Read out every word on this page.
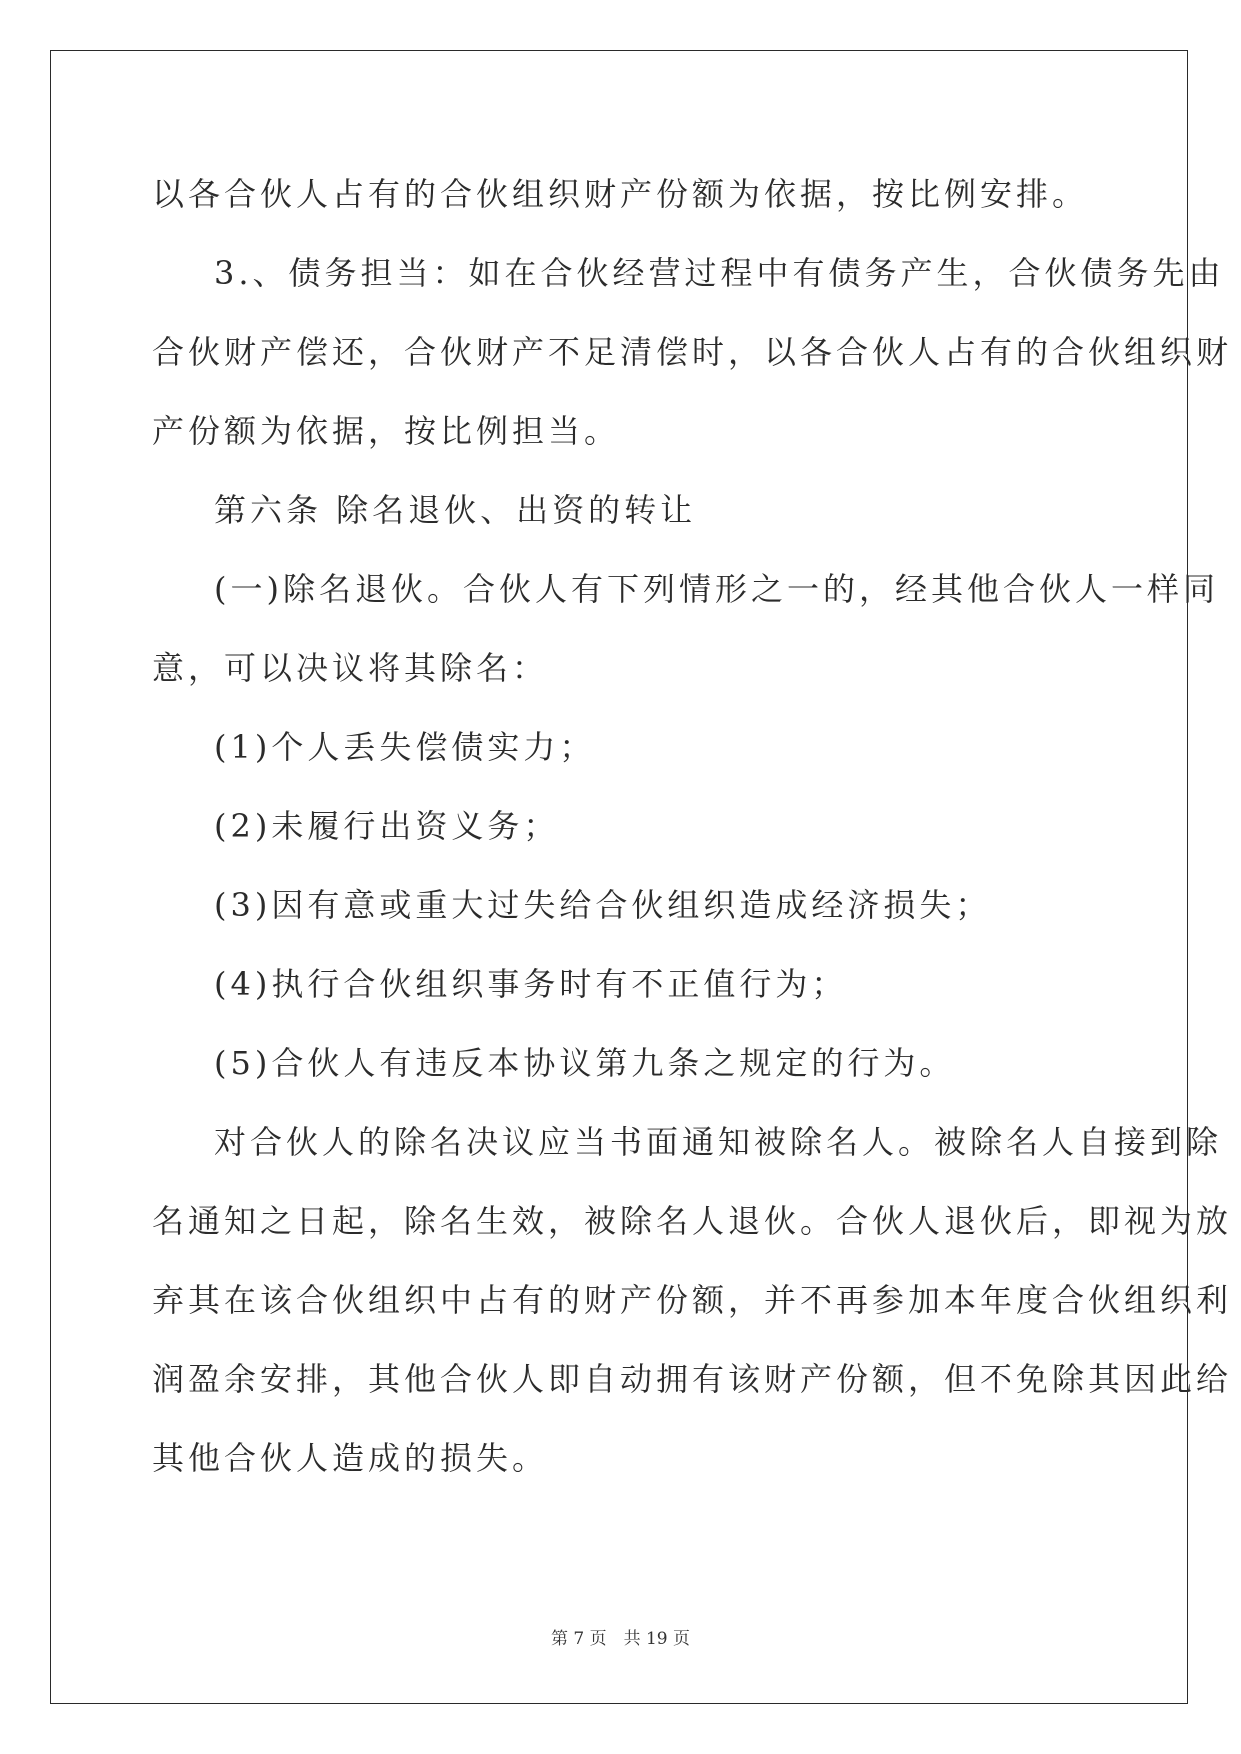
以各合伙人占有的合伙组织财产份额为依据，按比例安排。
3.、债务担当：如在合伙经营过程中有债务产生，合伙债务先由
合伙财产偿还，合伙财产不足清偿时，以各合伙人占有的合伙组织财
产份额为依据，按比例担当。
第六条 除名退伙、出资的转让
(一)除名退伙。合伙人有下列情形之一的，经其他合伙人一样同
意，可以决议将其除名：
(1)个人丢失偿债实力；
(2)未履行出资义务；
(3)因有意或重大过失给合伙组织造成经济损失；
(4)执行合伙组织事务时有不正值行为；
(5)合伙人有违反本协议第九条之规定的行为。
对合伙人的除名决议应当书面通知被除名人。被除名人自接到除
名通知之日起，除名生效，被除名人退伙。合伙人退伙后，即视为放
弃其在该合伙组织中占有的财产份额，并不再参加本年度合伙组织利
润盈余安排，其他合伙人即自动拥有该财产份额，但不免除其因此给
其他合伙人造成的损失。
第 7 页　共 19 页
